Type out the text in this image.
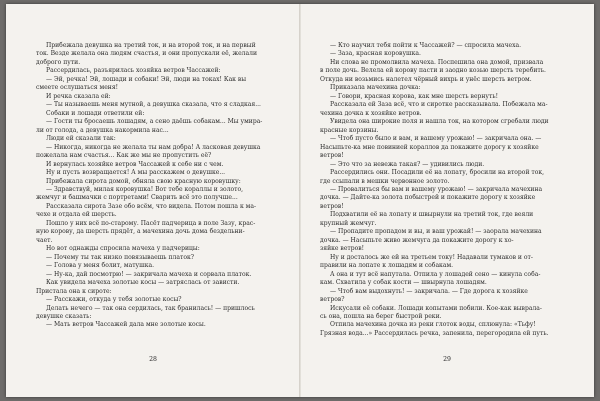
Прибежала девушка на третий ток, и на второй ток, и на первый

ток. Везде желала она людям счастья, и они пропускали её, желали

доброго пути.

Рассердилась, разъярилась хозяйка ветров Чассажей:

— Эй, речка! Эй, лошади и собаки! Эй, люди на токах! Как вы

смеете ослушаться меня!

И речка сказала ей:

— Ты называешь меня мутной, а девушка сказала, что я сладкая...

Собаки и лошади ответили ей:

— Гости ты бросаешь лошадям, а сено даёшь собакам... Мы умира-

ли от голода, а девушка накормила нас...

Люди ей сказали так:

— Никогда, никогда не желала ты нам добра! А ласковая девушка

пожелала нам счастья... Как же мы не пропустить её?

И вернулась хозяйке ветров Чассажей к себе ни с чем.

Ну и пусть возвращается! А мы расскажем о девушке...

Прибежала сирота домой, обняла свою красную коровушку:

— Здравствуй, милая коровушка! Вот тебе кораллы и золото,

жемчуг и башмачки с портретами! Сварить всё это получше...

Рассказала сирота Зазе обо всём, что видела. Потом пошла к ма-

чехе и отдала ей шерсть.

Пошло у них всё по-старому. Пасёт падчерица в поле Зазу, крас-

ную корову, да шерсть прядёт, а мачехина дочь дома бездельни-

чает.

Но вот однажды спросила мачеха у падчерицы:

— Почему ты так низко повязываешь платок?

— Голова у меня болит, матушка.

— Ну-ка, дай посмотрю! — закричала мачеха и сорвала платок.

Как увидела мачеха золотые косы — затряслась от зависти.

Пристала она к сироте:

— Расскажи, откуда у тебя золотые косы?

Делать нечего — так она сердилась, так бранилась! — пришлось

девушке сказать:

— Мать ветров Чассажей дала мне золотые косы.

28

— Кто научил тебя пойти к Чассажей? — спросила мачеха.

— Заза, красная коровушка.

Ни слова не промолвила мачеха. Поспешила она домой, призвала

в поле дочь. Велела ей корову пасти и заодно козью шерсть теребить.

Откуда ни возьмись налетел чёрный вихрь и унёс шерсть ветром.

Приказала мачехина дочка:

— Говори, красная корова, как мне шерсть вернуть!

Рассказала ей Заза всё, что и сиротке рассказывала. Побежала ма-

чехина дочка к хозяйке ветров.

Увидела она широкие поля и нашла ток, на котором сгребали люди

красные корзины.

— Чтоб пусто было и вам, и вашему урожаю! — закричала она. —

Насыпьте-ка мне повинией кораллов да покажите дорогу к хозяйке

ветров!

— Это что за невежа такая? — удивились люди.

Рассердились они. Посадили её на лопату, бросили на второй ток,

где ссыпали в мешки червонное золото.

— Провалиться бы вам и вашему урожаю! — закричала мачехина

дочка. — Дайте-ка золота побыстрей и покажите дорогу к хозяйке

ветров!

Подхватили её на лопату и швырнули на третий ток, где веяли

крупный жемчуг.

— Пропадите пропадом и вы, и ваш урожай! — заорала мачехина

дочка. — Насыпьте живо жемчуга да покажите дорогу к хо-

зяйке ветров!

Ну и досталось же ей на третьем току! Надавали тумаков и от-

правили на лопате к лошадям и собакам.

А она и тут всё напутала. Отпила у лошадей сено — кинула соба-

кам. Схватила у собак кости — швырнула лошадям.

— Чтоб вам выдохнуть! — закричала. — Где дорога к хозяйке

ветров?

Искусали её собаки. Лошади копытами побили. Кое-как выврала-

сь она, пошла на берег быстрой реки.

Отпила мачехина дочка из реки глоток воды, сплюнула: «Тьфу!

Грязная вода...» Рассердилась речка, запенила, перегородила ей путь.

29
